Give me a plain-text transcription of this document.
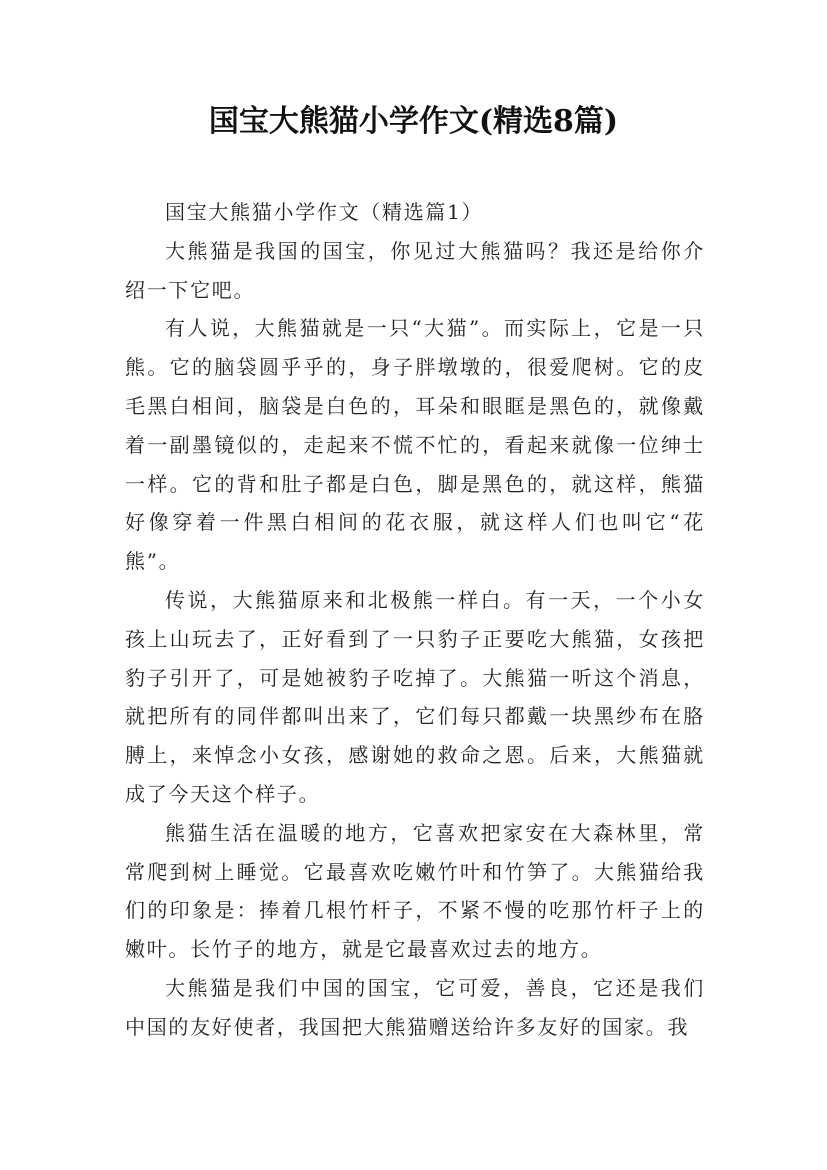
国宝大熊猫小学作文(精选8篇)

国宝大熊猫小学作文（精选篇1）

大熊猫是我国的国宝，你见过大熊猫吗？我还是给你介绍一下它吧。

有人说，大熊猫就是一只“大猫”。而实际上，它是一只熊。它的脑袋圆乎乎的，身子胖墩墩的，很爱爬树。它的皮毛黑白相间，脑袋是白色的，耳朵和眼眶是黑色的，就像戴着一副墨镜似的，走起来不慌不忙的，看起来就像一位绅士一样。它的背和肚子都是白色，脚是黑色的，就这样，熊猫好像穿着一件黑白相间的花衣服，就这样人们也叫它“花熊”。

传说，大熊猫原来和北极熊一样白。有一天，一个小女孩上山玩去了，正好看到了一只豹子正要吃大熊猫，女孩把豹子引开了，可是她被豹子吃掉了。大熊猫一听这个消息，就把所有的同伴都叫出来了，它们每只都戴一块黑纱布在胳膊上，来悼念小女孩，感谢她的救命之恩。后来，大熊猫就成了今天这个样子。

熊猫生活在温暖的地方，它喜欢把家安在大森林里，常常爬到树上睡觉。它最喜欢吃嫩竹叶和竹笋了。大熊猫给我们的印象是：捧着几根竹杆子，不紧不慢的吃那竹杆子上的嫩叶。长竹子的地方，就是它最喜欢过去的地方。

大熊猫是我们中国的国宝，它可爱，善良，它还是我们中国的友好使者，我国把大熊猫赠送给许多友好的国家。我
